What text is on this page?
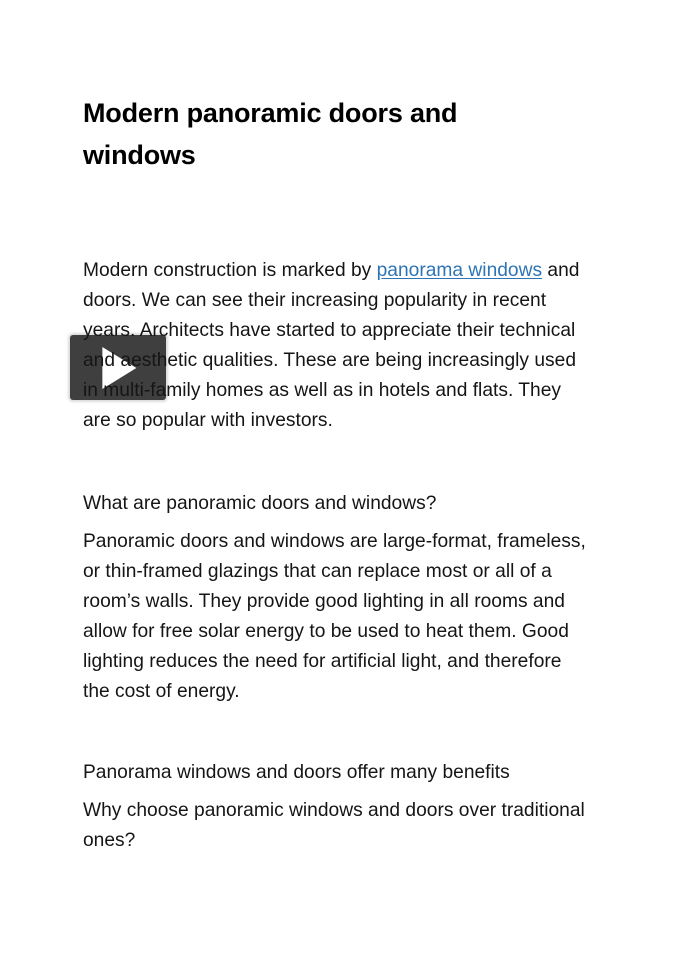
Modern panoramic doors and windows

Modern construction is marked by panorama windows and doors. We can see their increasing popularity in recent years. Architects have started to appreciate their technical and aesthetic qualities. These are being increasingly used in multi-family homes as well as in hotels and flats. They are so popular with investors.

What are panoramic doors and windows?

Panoramic doors and windows are large-format, frameless, or thin-framed glazings that can replace most or all of a room’s walls. They provide good lighting in all rooms and allow for free solar energy to be used to heat them. Good lighting reduces the need for artificial light, and therefore the cost of energy.

Panorama windows and doors offer many benefits

Why choose panoramic windows and doors over traditional ones?
